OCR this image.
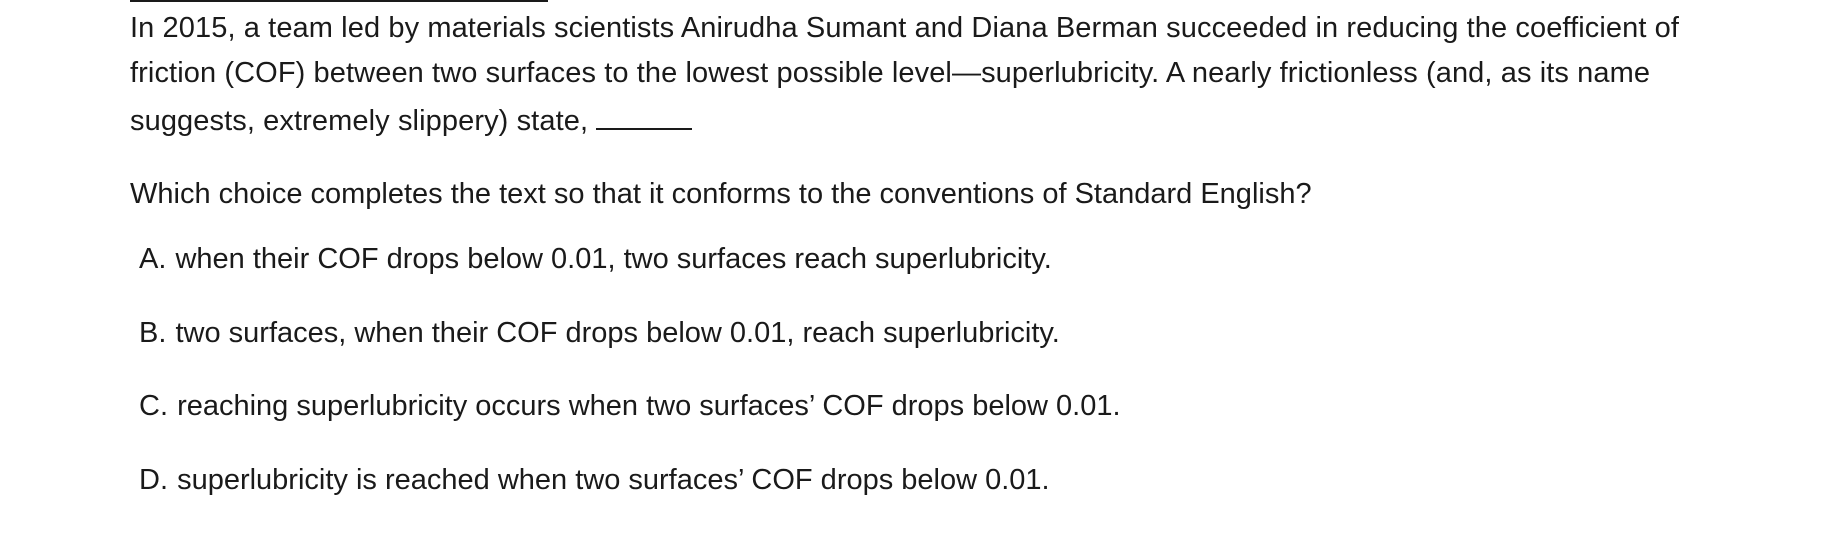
In 2015, a team led by materials scientists Anirudha Sumant and Diana Berman succeeded in reducing the coefficient of friction (COF) between two surfaces to the lowest possible level—superlubricity. A nearly frictionless (and, as its name suggests, extremely slippery) state,
Which choice completes the text so that it conforms to the conventions of Standard English?
A. when their COF drops below 0.01, two surfaces reach superlubricity.
B. two surfaces, when their COF drops below 0.01, reach superlubricity.
C. reaching superlubricity occurs when two surfaces’ COF drops below 0.01.
D. superlubricity is reached when two surfaces’ COF drops below 0.01.
